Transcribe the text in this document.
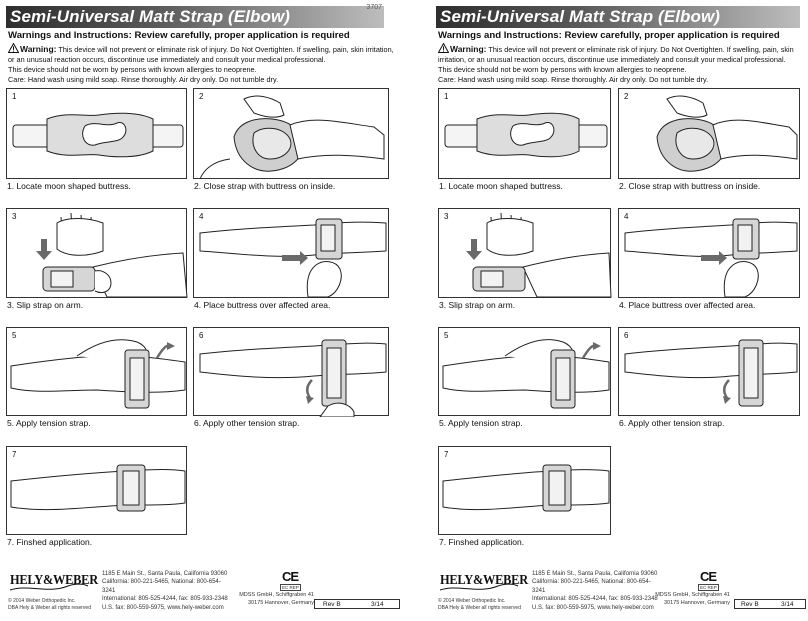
Semi-Universal Matt Strap (Elbow)	3707
Warnings and Instructions: Review carefully, proper application is required
Warning: This device will not prevent or eliminate risk of injury. Do Not Overtighten. If swelling, pain, skin irritation, or an unusual reaction occurs, discontinue use immediately and consult your medical professional.
This device should not be worn by persons with known allergies to neoprene.
Care: Hand wash using mild soap. Rinse thoroughly. Air dry only. Do not tumble dry.
1
1. Locate moon shaped buttress.
2
2. Close strap with buttress on inside.
3
3. Slip strap on arm.
4
4. Place buttress over affected area.
5
5. Apply tension strap.
6
6. Apply other tension strap.
7
7. Finshed application.
HELY&WEBER
© 2014 Weber Orthopedic Inc.
DBA Hely & Weber all rights reserved
1185 E Main St., Santa Paula, California 93060
California: 800-221-5465, National: 800-654-3241
International: 805-525-4244, fax: 805-933-2348
U.S. fax: 800-559-5975, www.hely-weber.com
CE
EC REP
MDSS GmbH, Schiffgraben 41
30175 Hannover, Germany Rev B	3/14
Semi-Universal Matt Strap (Elbow)
Warnings and Instructions: Review carefully, proper application is required
Warning: This device will not prevent or eliminate risk of injury. Do Not Overtighten. If swelling, pain, skin irritation, or an unusual reaction occurs, discontinue use immediately and consult your medical professional.
This device should not be worn by persons with known allergies to neoprene.
Care: Hand wash using mild soap. Rinse thoroughly. Air dry only. Do not tumble dry.
1
1. Locate moon shaped buttress.
2
2. Close strap with buttress on inside.
3
3. Slip strap on arm.
4
4. Place buttress over affected area.
5
5. Apply tension strap.
6
6. Apply other tension strap.
7
7. Finshed application.
HELY&WEBER
© 2014 Weber Orthopedic Inc.
DBA Hely & Weber all rights reserved
1185 E Main St., Santa Paula, California 93060
California: 800-221-5465, National: 800-654-3241
International: 805-525-4244, fax: 805-933-2348
U.S. fax: 800-559-5975, www.hely-weber.com
CE
EC REP
MDSS GmbH, Schiffgraben 41
30175 Hannover, Germany Rev B	3/14
